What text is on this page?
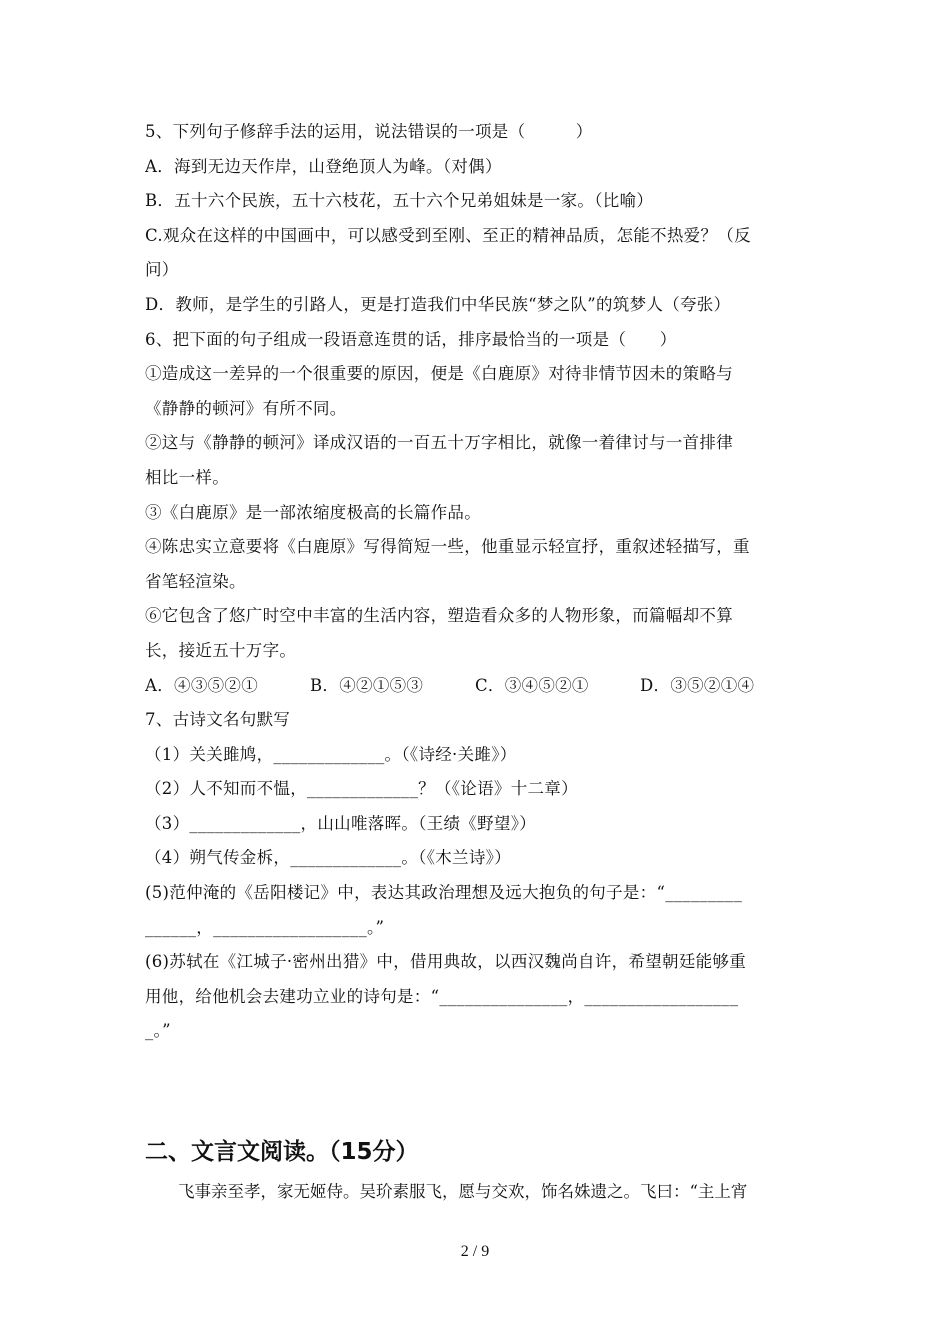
5、下列句子修辞手法的运用，说法错误的一项是（　　　）
A．海到无边天作岸，山登绝顶人为峰。（对偶）
B．五十六个民族，五十六枝花，五十六个兄弟姐妹是一家。（比喻）
C.观众在这样的中国画中，可以感受到至刚、至正的精神品质，怎能不热爱？（反
问）
D．教师，是学生的引路人，更是打造我们中华民族“梦之队”的筑梦人（夸张）
6、把下面的句子组成一段语意连贯的话，排序最恰当的一项是（　　）
①造成这一差异的一个很重要的原因，便是《白鹿原》对待非情节因未的策略与
《静静的顿河》有所不同。
②这与《静静的顿河》译成汉语的一百五十万字相比，就像一着律讨与一首排律
相比一样。
③《白鹿原》是一部浓缩度极高的长篇作品。
④陈忠实立意要将《白鹿原》写得简短一些，他重显示轻宣抒，重叙述轻描写，重
省笔轻渲染。
⑥它包含了悠广时空中丰富的生活内容，塑造看众多的人物形象，而篇幅却不算
长，接近五十万字。
A．④③⑤②①	B．④②①⑤③	C．③④⑤②①	D．③⑤②①④
7、古诗文名句默写
（1）关关雎鸠，_____________。（《诗经·关雎》）
（2）人不知而不愠，_____________？（《论语》十二章）
（3）_____________，山山唯落晖。（王绩《野望》）
（4）朔气传金柝，_____________。（《木兰诗》）
(5)范仲淹的《岳阳楼记》中，表达其政治理想及远大抱负的句子是：“_________
______，__________________。”
(6)苏轼在《江城子·密州出猎》中，借用典故，以西汉魏尚自许，希望朝廷能够重
用他，给他机会去建功立业的诗句是：“_______________，__________________
_。”
二、文言文阅读。（15分）
飞事亲至孝，家无姬侍。吴玠素服飞，愿与交欢，饰名姝遗之。飞曰：“主上宵
2 / 9
